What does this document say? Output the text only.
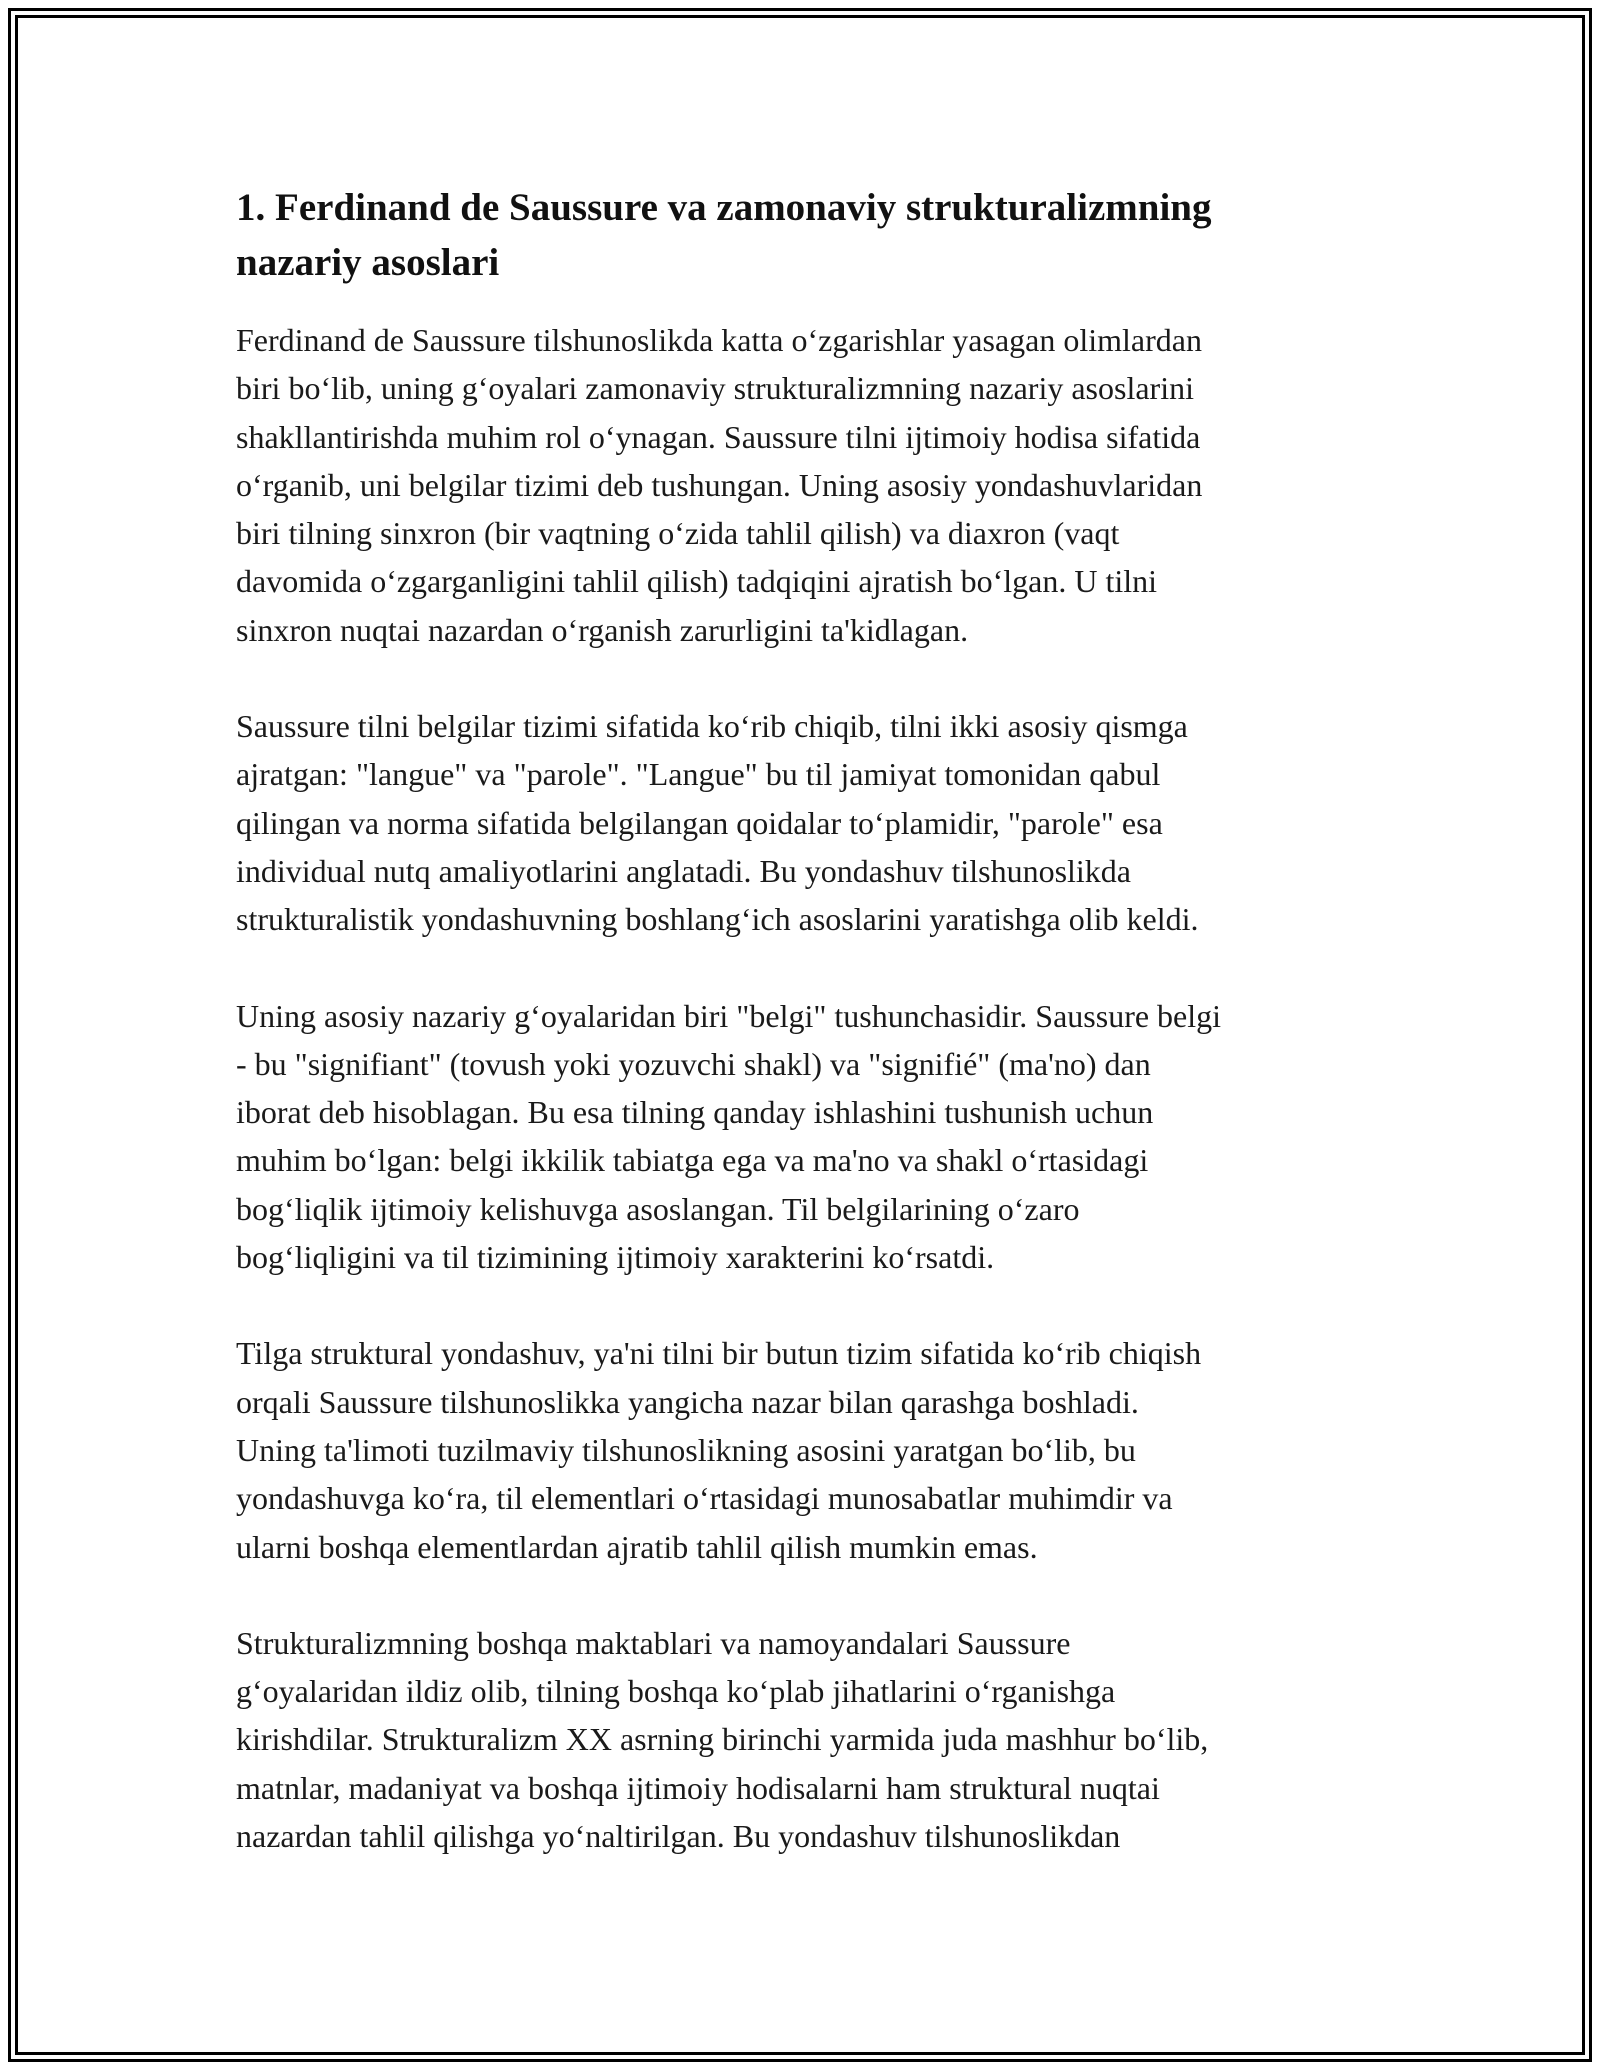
1. Ferdinand de Saussure va zamonaviy strukturalizmning
nazariy asoslari

Ferdinand de Saussure tilshunoslikda katta o‘zgarishlar yasagan olimlardan
biri bo‘lib, uning g‘oyalari zamonaviy strukturalizmning nazariy asoslarini
shakllantirishda muhim rol o‘ynagan. Saussure tilni ijtimoiy hodisa sifatida
o‘rganib, uni belgilar tizimi deb tushungan. Uning asosiy yondashuvlaridan
biri tilning sinxron (bir vaqtning o‘zida tahlil qilish) va diaxron (vaqt
davomida o‘zgarganligini tahlil qilish) tadqiqini ajratish bo‘lgan. U tilni
sinxron nuqtai nazardan o‘rganish zarurligini ta'kidlagan.

Saussure tilni belgilar tizimi sifatida ko‘rib chiqib, tilni ikki asosiy qismga
ajratgan: "langue" va "parole". "Langue" bu til jamiyat tomonidan qabul
qilingan va norma sifatida belgilangan qoidalar to‘plamidir, "parole" esa
individual nutq amaliyotlarini anglatadi. Bu yondashuv tilshunoslikda
strukturalistik yondashuvning boshlang‘ich asoslarini yaratishga olib keldi.

Uning asosiy nazariy g‘oyalaridan biri "belgi" tushunchasidir. Saussure belgi
- bu "signifiant" (tovush yoki yozuvchi shakl) va "signifié" (ma'no) dan
iborat deb hisoblagan. Bu esa tilning qanday ishlashini tushunish uchun
muhim bo‘lgan: belgi ikkilik tabiatga ega va ma'no va shakl o‘rtasidagi
bog‘liqlik ijtimoiy kelishuvga asoslangan. Til belgilarining o‘zaro
bog‘liqligini va til tizimining ijtimoiy xarakterini ko‘rsatdi.

Tilga struktural yondashuv, ya'ni tilni bir butun tizim sifatida ko‘rib chiqish
orqali Saussure tilshunoslikka yangicha nazar bilan qarashga boshladi.
Uning ta'limoti tuzilmaviy tilshunoslikning asosini yaratgan bo‘lib, bu
yondashuvga ko‘ra, til elementlari o‘rtasidagi munosabatlar muhimdir va
ularni boshqa elementlardan ajratib tahlil qilish mumkin emas.

Strukturalizmning boshqa maktablari va namoyandalari Saussure
g‘oyalaridan ildiz olib, tilning boshqa ko‘plab jihatlarini o‘rganishga
kirishdilar. Strukturalizm XX asrning birinchi yarmida juda mashhur bo‘lib,
matnlar, madaniyat va boshqa ijtimoiy hodisalarni ham struktural nuqtai
nazardan tahlil qilishga yo‘naltirilgan. Bu yondashuv tilshunoslikdan
